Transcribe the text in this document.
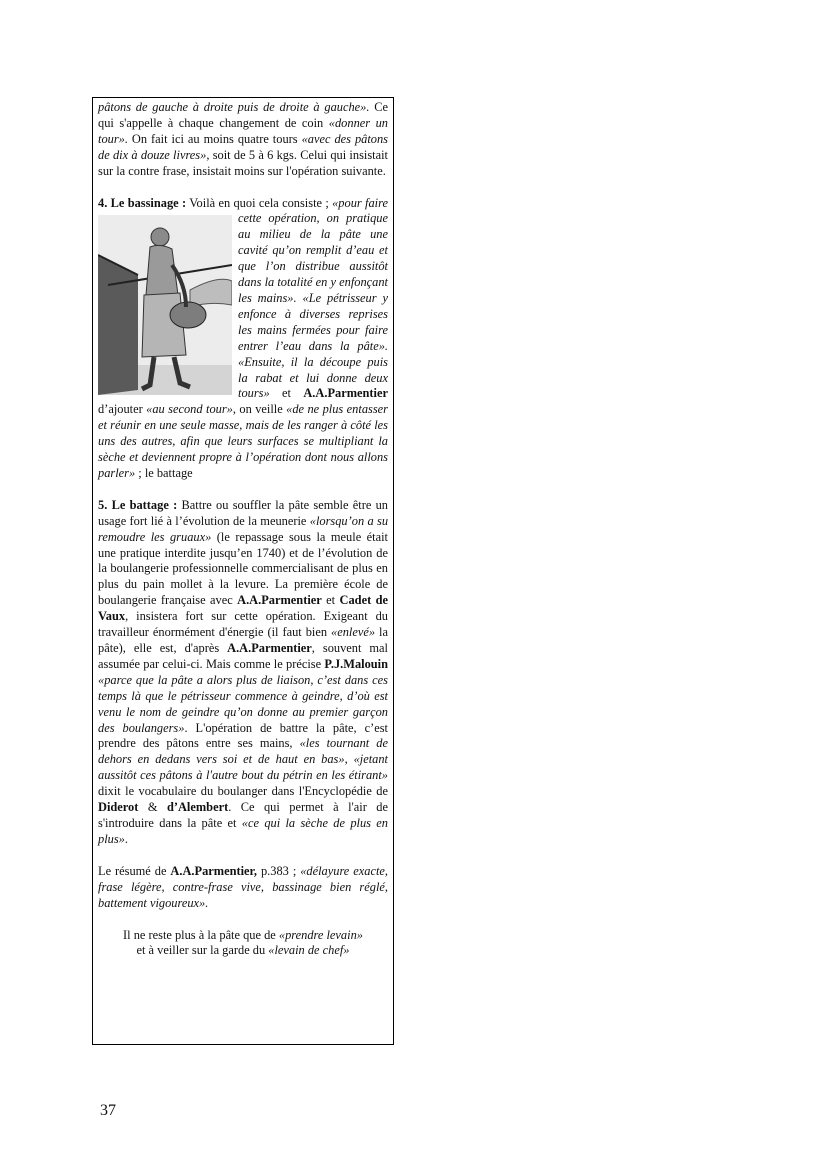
pâtons de gauche à droite puis de droite à gauche». Ce qui s'appelle à chaque changement de coin «donner un tour». On fait ici au moins quatre tours «avec des pâtons de dix à douze livres», soit de 5 à 6 kgs. Celui qui insistait sur la contre frase, insistait moins sur l'opération suivante.

4. Le bassinage : Voilà en quoi cela consiste ;
«pour faire cette opération, on pratique au milieu de la pâte une cavité qu’on remplit d’eau et que l’on distribue aussitôt dans la totalité en y enfonçant les mains». «Le pétrisseur y enfonce à diverses reprises les mains fermées pour faire entrer l’eau dans la pâte». «Ensuite, il la découpe puis la rabat et lui donne deux tours» et A.A.Parmentier d’ajouter «au second tour», on veille «de ne plus entasser et réunir en une seule masse, mais de les ranger à côté les uns des autres, afin que leurs surfaces se multipliant la sèche et deviennent propre à l’opération dont nous allons parler» ; le battage

5. Le battage : Battre ou souffler la pâte semble être un usage fort lié à l’évolution de la meunerie «lorsqu’on a su remoudre les gruaux» (le repassage sous la meule était une pratique interdite jusqu’en 1740) et de l’évolution de la boulangerie professionnelle commercialisant de plus en plus du pain mollet à la levure. La première école de boulangerie française avec A.A.Parmentier et Cadet de Vaux, insistera fort sur cette opération. Exigeant du travailleur énormément d'énergie (il faut bien «enlevé» la pâte), elle est, d'après A.A.Parmentier, souvent mal assumée par celui-ci. Mais comme le précise P.J.Malouin «parce que la pâte a alors plus de liaison, c’est dans ces temps là que le pétrisseur commence à geindre, d’où est venu le nom de geindre qu’on donne au premier garçon des boulangers». L'opération de battre la pâte, c’est prendre des pâtons entre ses mains, «les tournant de dehors en dedans vers soi et de haut en bas», «jetant aussitôt ces pâtons à l'autre bout du pétrin en les étirant» dixit le vocabulaire du boulanger dans l'Encyclopédie de Diderot & d’Alembert. Ce qui permet à l'air de s'introduire dans la pâte et «ce qui la sèche de plus en plus».

Le résumé de A.A.Parmentier, p.383 ; «délayure exacte, frase légère, contre-frase vive, bassinage bien réglé, battement vigoureux».

Il ne reste plus à la pâte que de «prendre levain»
et à veiller sur la garde du «levain de chef»

37
